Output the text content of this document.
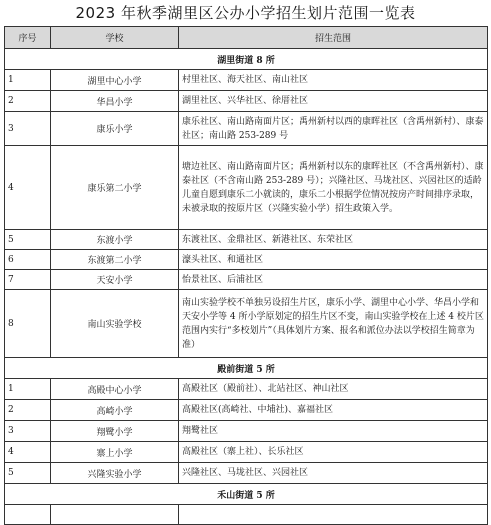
2023 年秋季湖里区公办小学招生划片范围一览表
序号	学校	招生范围
湖里街道 8 所		
1	湖里中心小学	村里社区、海天社区、南山社区
2	华昌小学	湖里社区、兴华社区、徐厝社区
3	康乐小学	康乐社区、南山路南面片区；禹州新村以西的康晖社区（含禹州新村）、康泰社区；南山路 253-289 号
4	康乐第二小学	塘边社区、南山路南面片区；禹州新村以东的康晖社区（不含禹州新村）、康泰社区（不含南山路 253-289 号）；兴隆社区、马垅社区、兴园社区的适龄儿童自愿到康乐二小就读的，康乐二小根据学位情况按房产时间排序录取，未被录取的按原片区（兴隆实验小学）招生政策入学。
5	东渡小学	东渡社区、金鼎社区、新港社区、东荣社区
6	东渡第二小学	濠头社区、和通社区
7	天安小学	怡景社区、后浦社区
8	南山实验学校	南山实验学校不单独另设招生片区，康乐小学、湖里中心小学、华昌小学和天安小学等 4 所小学原划定的招生片区不变，南山实验学校在上述 4 校片区范围内实行“多校划片”（具体划片方案、报名和派位办法以学校招生简章为准）
殿前街道 5 所		
1	高殿中心小学	高殿社区（殿前社）、北站社区、神山社区
2	高崎小学	高殿社区(高崎社、中埔社)、嘉福社区
3	翔鹭小学	翔鹭社区
4	寨上小学	高殿社区（寨上社）、长乐社区
5	兴隆实验小学	兴隆社区、马垅社区、兴园社区
禾山街道 5 所		
